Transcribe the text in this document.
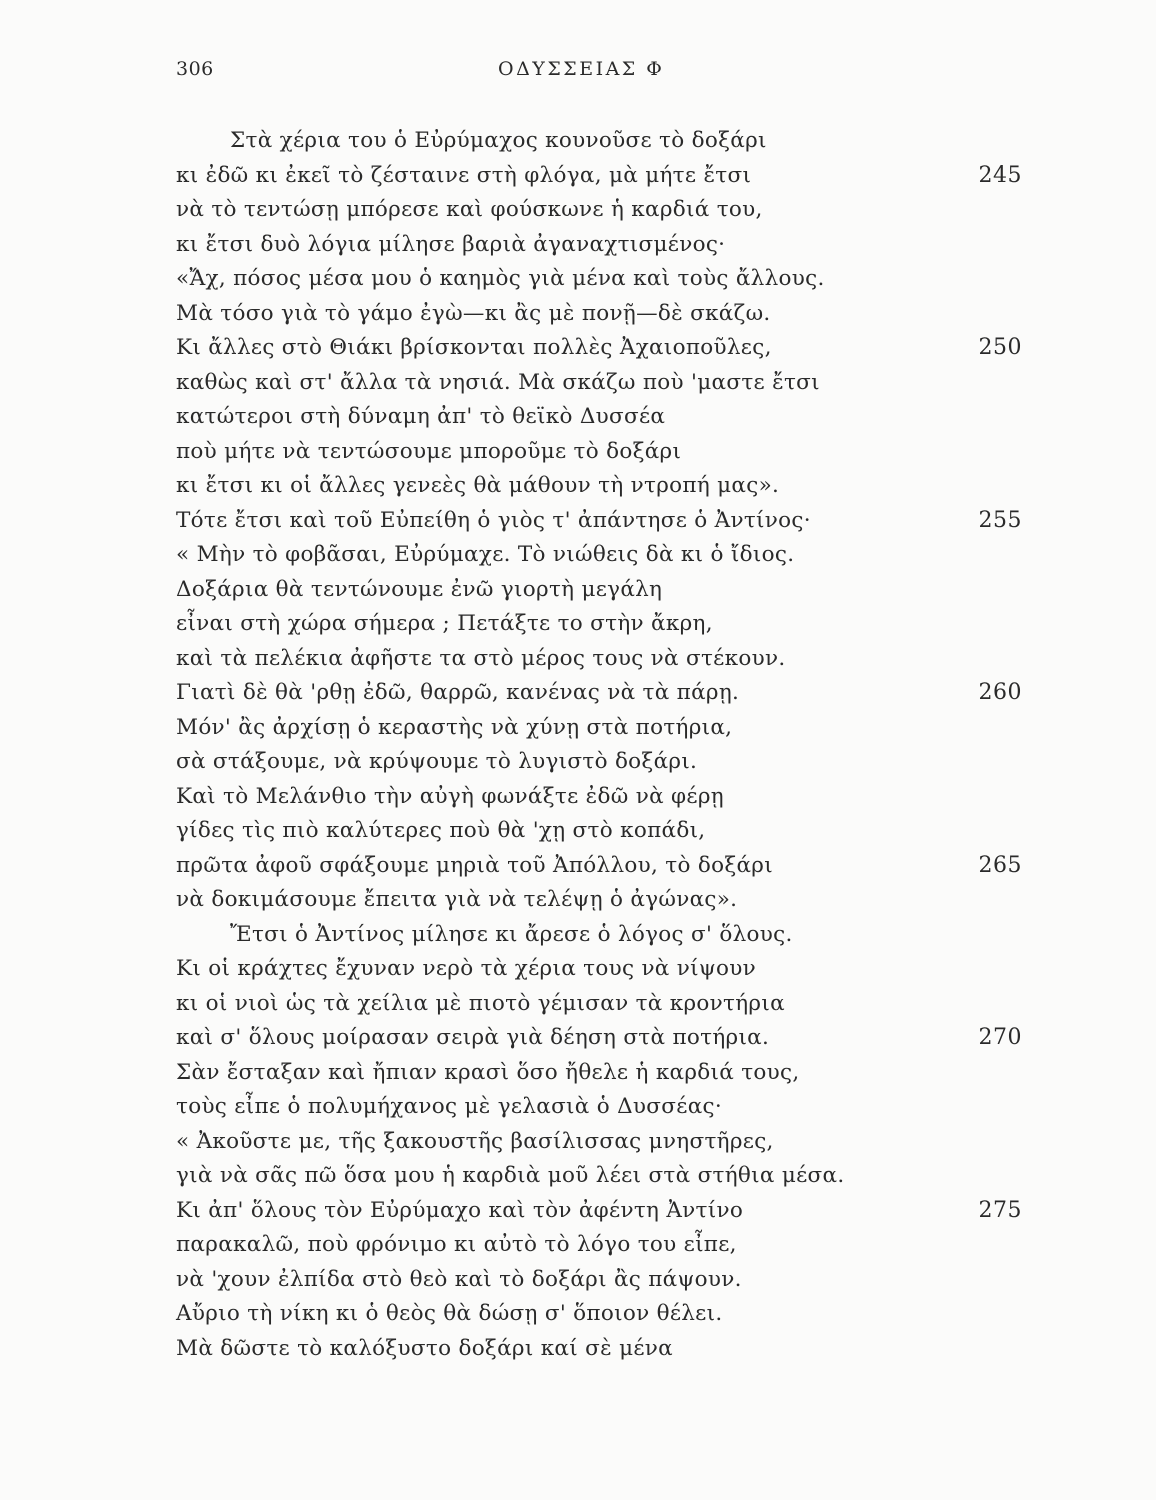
306	ΟΔΥΣΣΕΙΑΣ Φ
Στὰ χέρια του ὁ Εὐρύμαχος κουνοῦσε τὸ δοξάρι
κι ἐδῶ κι ἐκεῖ τὸ ζέσταινε στὴ φλόγα, μὰ μήτε ἔτσι	245
νὰ τὸ τεντώσῃ μπόρεσε καὶ φούσκωνε ἡ καρδιά του,
κι ἔτσι δυὸ λόγια μίλησε βαριὰ ἀγαναχτισμένος·
«Ἄχ, πόσος μέσα μου ὁ καημὸς γιὰ μένα καὶ τοὺς ἄλλους.
Μὰ τόσο γιὰ τὸ γάμο ἐγὼ—κι ἂς μὲ πονῇ—δὲ σκάζω.
Κι ἄλλες στὸ Θιάκι βρίσκονται πολλὲς Ἀχαιοποῦλες,	250
καθὼς καὶ στ' ἄλλα τὰ νησιά. Μὰ σκάζω ποὺ 'μαστε ἔτσι
κατώτεροι στὴ δύναμη ἀπ' τὸ θεϊκὸ Δυσσέα
ποὺ μήτε νὰ τεντώσουμε μποροῦμε τὸ δοξάρι
κι ἔτσι κι οἱ ἄλλες γενεὲς θὰ μάθουν τὴ ντροπή μας».
Τότε ἔτσι καὶ τοῦ Εὐπείθη ὁ γιὸς τ' ἀπάντησε ὁ Ἀντίνος·	255
« Μὴν τὸ φοβᾶσαι, Εὐρύμαχε. Τὸ νιώθεις δὰ κι ὁ ἴδιος.
Δοξάρια θὰ τεντώνουμε ἐνῶ γιορτὴ μεγάλη
εἶναι στὴ χώρα σήμερα ; Πετάξτε το στὴν ἄκρη,
καὶ τὰ πελέκια ἀφῆστε τα στὸ μέρος τους νὰ στέκουν.
Γιατὶ δὲ θὰ 'ρθῃ ἐδῶ, θαρρῶ, κανένας νὰ τὰ πάρῃ.	260
Μόν' ἂς ἀρχίσῃ ὁ κεραστὴς νὰ χύνῃ στὰ ποτήρια,
σὰ στάξουμε, νὰ κρύψουμε τὸ λυγιστὸ δοξάρι.
Καὶ τὸ Μελάνθιο τὴν αὐγὴ φωνάξτε ἐδῶ νὰ φέρῃ
γίδες τὶς πιὸ καλύτερες ποὺ θὰ 'χῃ στὸ κοπάδι,
πρῶτα ἀφοῦ σφάξουμε μηριὰ τοῦ Ἀπόλλου, τὸ δοξάρι	265
νὰ δοκιμάσουμε ἔπειτα γιὰ νὰ τελέψῃ ὁ ἀγώνας».
Ἔτσι ὁ Ἀντίνος μίλησε κι ἄρεσε ὁ λόγος σ' ὅλους.
Κι οἱ κράχτες ἔχυναν νερὸ τὰ χέρια τους νὰ νίψουν
κι οἱ νιοὶ ὡς τὰ χείλια μὲ πιοτὸ γέμισαν τὰ κροντήρια
καὶ σ' ὅλους μοίρασαν σειρὰ γιὰ δέηση στὰ ποτήρια.	270
Σὰν ἔσταξαν καὶ ἤπιαν κρασὶ ὅσο ἤθελε ἡ καρδιά τους,
τοὺς εἶπε ὁ πολυμήχανος μὲ γελασιὰ ὁ Δυσσέας·
« Ἀκοῦστε με, τῆς ξακουστῆς βασίλισσας μνηστῆρες,
γιὰ νὰ σᾶς πῶ ὅσα μου ἡ καρδιὰ μοῦ λέει στὰ στήθια μέσα.
Κι ἀπ' ὅλους τὸν Εὐρύμαχο καὶ τὸν ἀφέντη Ἀντίνο	275
παρακαλῶ, ποὺ φρόνιμο κι αὐτὸ τὸ λόγο του εἶπε,
νὰ 'χουν ἐλπίδα στὸ θεὸ καὶ τὸ δοξάρι ἂς πάψουν.
Αὔριο τὴ νίκη κι ὁ θεὸς θὰ δώσῃ σ' ὅποιον θέλει.
Μὰ δῶστε τὸ καλόξυστο δοξάρι καί σὲ μένα
